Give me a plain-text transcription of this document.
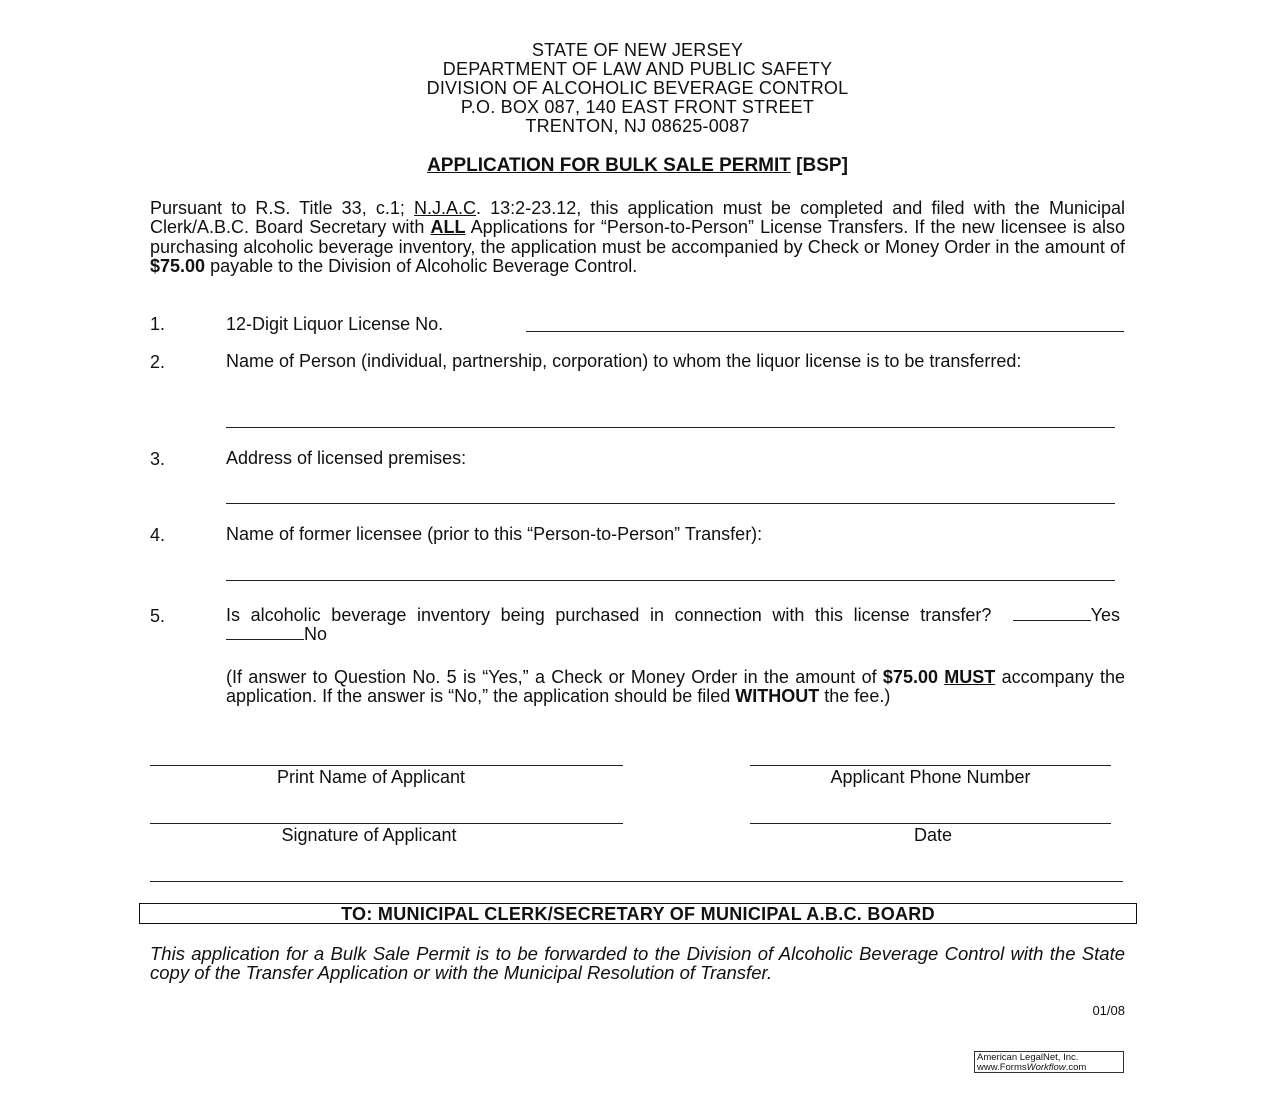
STATE OF NEW JERSEY
DEPARTMENT OF LAW AND PUBLIC SAFETY
DIVISION OF ALCOHOLIC BEVERAGE CONTROL
P.O. BOX 087, 140 EAST FRONT STREET
TRENTON, NJ 08625-0087
APPLICATION FOR BULK SALE PERMIT [BSP]
Pursuant to R.S. Title 33, c.1; N.J.A.C. 13:2-23.12, this application must be completed and filed with the Municipal Clerk/A.B.C. Board Secretary with ALL Applications for “Person-to-Person” License Transfers. If the new licensee is also purchasing alcoholic beverage inventory, the application must be accompanied by Check or Money Order in the amount of $75.00 payable to the Division of Alcoholic Beverage Control.
1.	12-Digit Liquor License No.
2.	Name of Person (individual, partnership, corporation) to whom the liquor license is to be transferred:
3.	Address of licensed premises:
4.	Name of former licensee (prior to this “Person-to-Person” Transfer):
5.	Is alcoholic beverage inventory being purchased in connection with this license transfer?	Yes  No
(If answer to Question No. 5 is “Yes,” a Check or Money Order in the amount of $75.00 MUST accompany the application. If the answer is “No,” the application should be filed WITHOUT the fee.)
Print Name of Applicant	Applicant Phone Number
Signature of Applicant	Date
TO: MUNICIPAL CLERK/SECRETARY OF MUNICIPAL A.B.C. BOARD
This application for a Bulk Sale Permit is to be forwarded to the Division of Alcoholic Beverage Control with the State copy of the Transfer Application or with the Municipal Resolution of Transfer.
01/08
American LegalNet, Inc.
www.FormsWorkflow.com
